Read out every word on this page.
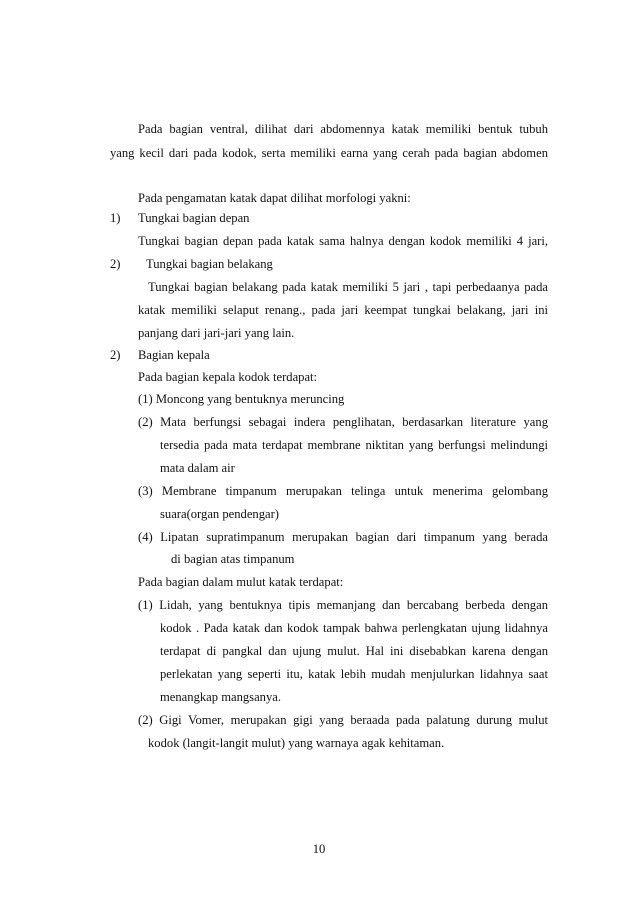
Pada bagian ventral, dilihat dari abdomennya katak memiliki bentuk tubuh
yang kecil dari pada kodok, serta memiliki earna yang cerah pada bagian abdomen
Pada pengamatan katak dapat dilihat morfologi yakni:
1) Tungkai bagian depan
Tungkai bagian depan pada katak sama halnya dengan kodok memiliki 4 jari,
2) Tungkai bagian belakang
Tungkai bagian belakang pada katak memiliki 5 jari , tapi perbedaanya pada
katak memiliki selaput renang., pada jari keempat tungkai belakang, jari ini
panjang dari jari-jari yang lain.
2) Bagian kepala
Pada bagian kepala kodok terdapat:
(1) Moncong yang bentuknya meruncing
(2) Mata berfungsi sebagai indera penglihatan, berdasarkan literature yang
tersedia pada mata terdapat membrane niktitan yang berfungsi melindungi
mata dalam air
(3) Membrane timpanum merupakan telinga untuk menerima gelombang
suara(organ pendengar)
(4) Lipatan supratimpanum merupakan bagian dari timpanum yang berada
di bagian atas timpanum
Pada bagian dalam mulut katak terdapat:
(1) Lidah, yang bentuknya tipis memanjang dan bercabang berbeda dengan
kodok . Pada katak dan kodok tampak bahwa perlengkatan ujung lidahnya
terdapat di pangkal dan ujung mulut. Hal ini disebabkan karena dengan
perlekatan yang seperti itu, katak lebih mudah menjulurkan lidahnya saat
menangkap mangsanya.
(2) Gigi Vomer, merupakan gigi yang beraada pada palatung durung mulut
kodok (langit-langit mulut) yang warnaya agak kehitaman.
10
